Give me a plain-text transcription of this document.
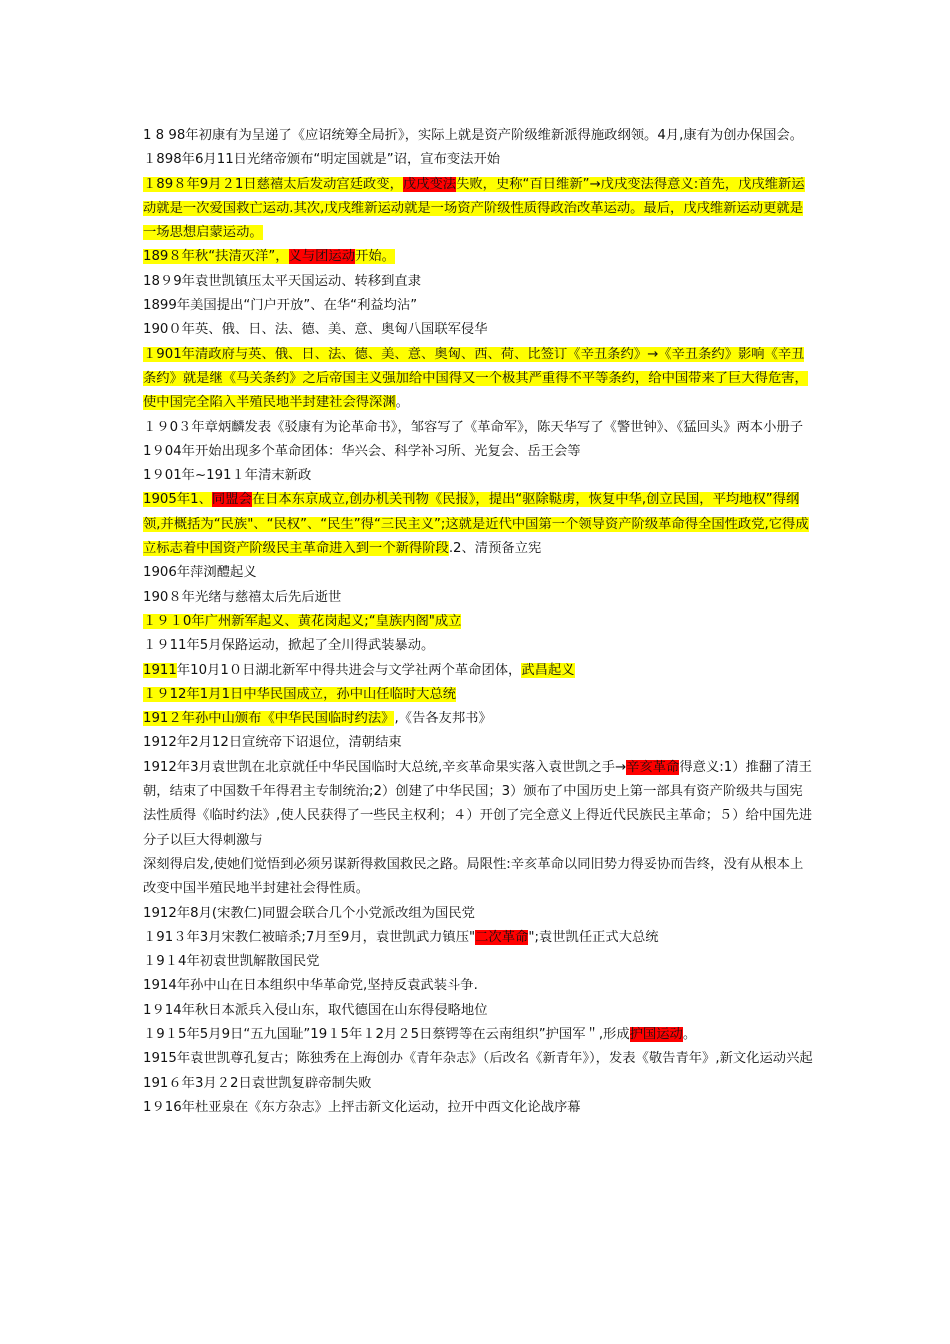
1 8 98年初康有为呈递了《应诏统筹全局折》，实际上就是资产阶级维新派得施政纲领。4月,康有为创办保国会。

１898年6月11日光绪帝颁布“明定国就是”诏，宣布变法开始

１89８年9月２1日慈禧太后发动宫廷政变，戊戌变法失败，史称“百日维新”→戊戌变法得意义:首先，戊戌维新运动就是一次爱国救亡运动.其次,戊戌维新运动就是一场资产阶级性质得政治改革运动。最后，戊戌维新运动更就是一场思想启蒙运动。

189８年秋“扶清灭洋”，义与团运动开始。

18９9年袁世凯镇压太平天国运动、转移到直隶

1899年美国提出“门户开放”、在华“利益均沾”

190０年英、俄、日、法、德、美、意、奥匈八国联军侵华

１901年清政府与英、俄、日、法、德、美、意、奥匈、西、荷、比签订《辛丑条约》→《辛丑条约》影响《辛丑条约》就是继《马关条约》之后帝国主义强加给中国得又一个极其严重得不平等条约，给中国带来了巨大得危害，使中国完全陷入半殖民地半封建社会得深渊。

１９0３年章炳麟发表《驳康有为论革命书》，邹容写了《革命军》，陈天华写了《警世钟》、《猛回头》两本小册子

1９04年开始出现多个革命团体：华兴会、科学补习所、光复会、岳王会等

1９01年~191１年清末新政

1905年1、同盟会在日本东京成立,创办机关刊物《民报》，提出“驱除鞑虏，恢复中华,创立民国，平均地权”得纲领,并概括为“民族"、“民权”、“民生”得“三民主义”;这就是近代中国第一个领导资产阶级革命得全国性政党,它得成立标志着中国资产阶级民主革命进入到一个新得阶段.2、清预备立宪

1906年萍浏醴起义

190８年光绪与慈禧太后先后逝世

１９１0年广州新军起义、黄花岗起义;“皇族内阁"成立

１９11年5月保路运动，掀起了全川得武装暴动。

1911年10月1０日湖北新军中得共进会与文学社两个革命团体，武昌起义

１９12年1月1日中华民国成立，孙中山任临时大总统

191２年孙中山颁布《中华民国临时约法》,《告各友邦书》

1912年2月12日宣统帝下诏退位，清朝结束

1912年3月袁世凯在北京就任中华民国临时大总统,辛亥革命果实落入袁世凯之手→辛亥革命得意义:1）推翻了清王朝，结束了中国数千年得君主专制统治;2）创建了中华民国；3）颁布了中国历史上第一部具有资产阶级共与国宪法性质得《临时约法》,使人民获得了一些民主权利；４）开创了完全意义上得近代民族民主革命；５）给中国先进分子以巨大得刺激与

深刻得启发,使她们觉悟到必须另谋新得救国救民之路。局限性:辛亥革命以同旧势力得妥协而告终，没有从根本上改变中国半殖民地半封建社会得性质。

1912年8月(宋教仁)同盟会联合几个小党派改组为国民党

１91３年3月宋教仁被暗杀;7月至9月，袁世凯武力镇压"二次革命";袁世凯任正式大总统

１9１4年初袁世凯解散国民党

1914年孙中山在日本组织中华革命党,坚持反袁武装斗争.

1９14年秋日本派兵入侵山东，取代德国在山东得侵略地位

１9１5年5月9日“五九国耻”19１5年１2月２5日蔡锷等在云南组织”护国军＂,形成护国运动。

1915年袁世凯尊孔复古；陈独秀在上海创办《青年杂志》（后改名《新青年》），发表《敬告青年》,新文化运动兴起

191６年3月２2日袁世凯复辟帝制失败

1９16年杜亚泉在《东方杂志》上抨击新文化运动，拉开中西文化论战序幕
